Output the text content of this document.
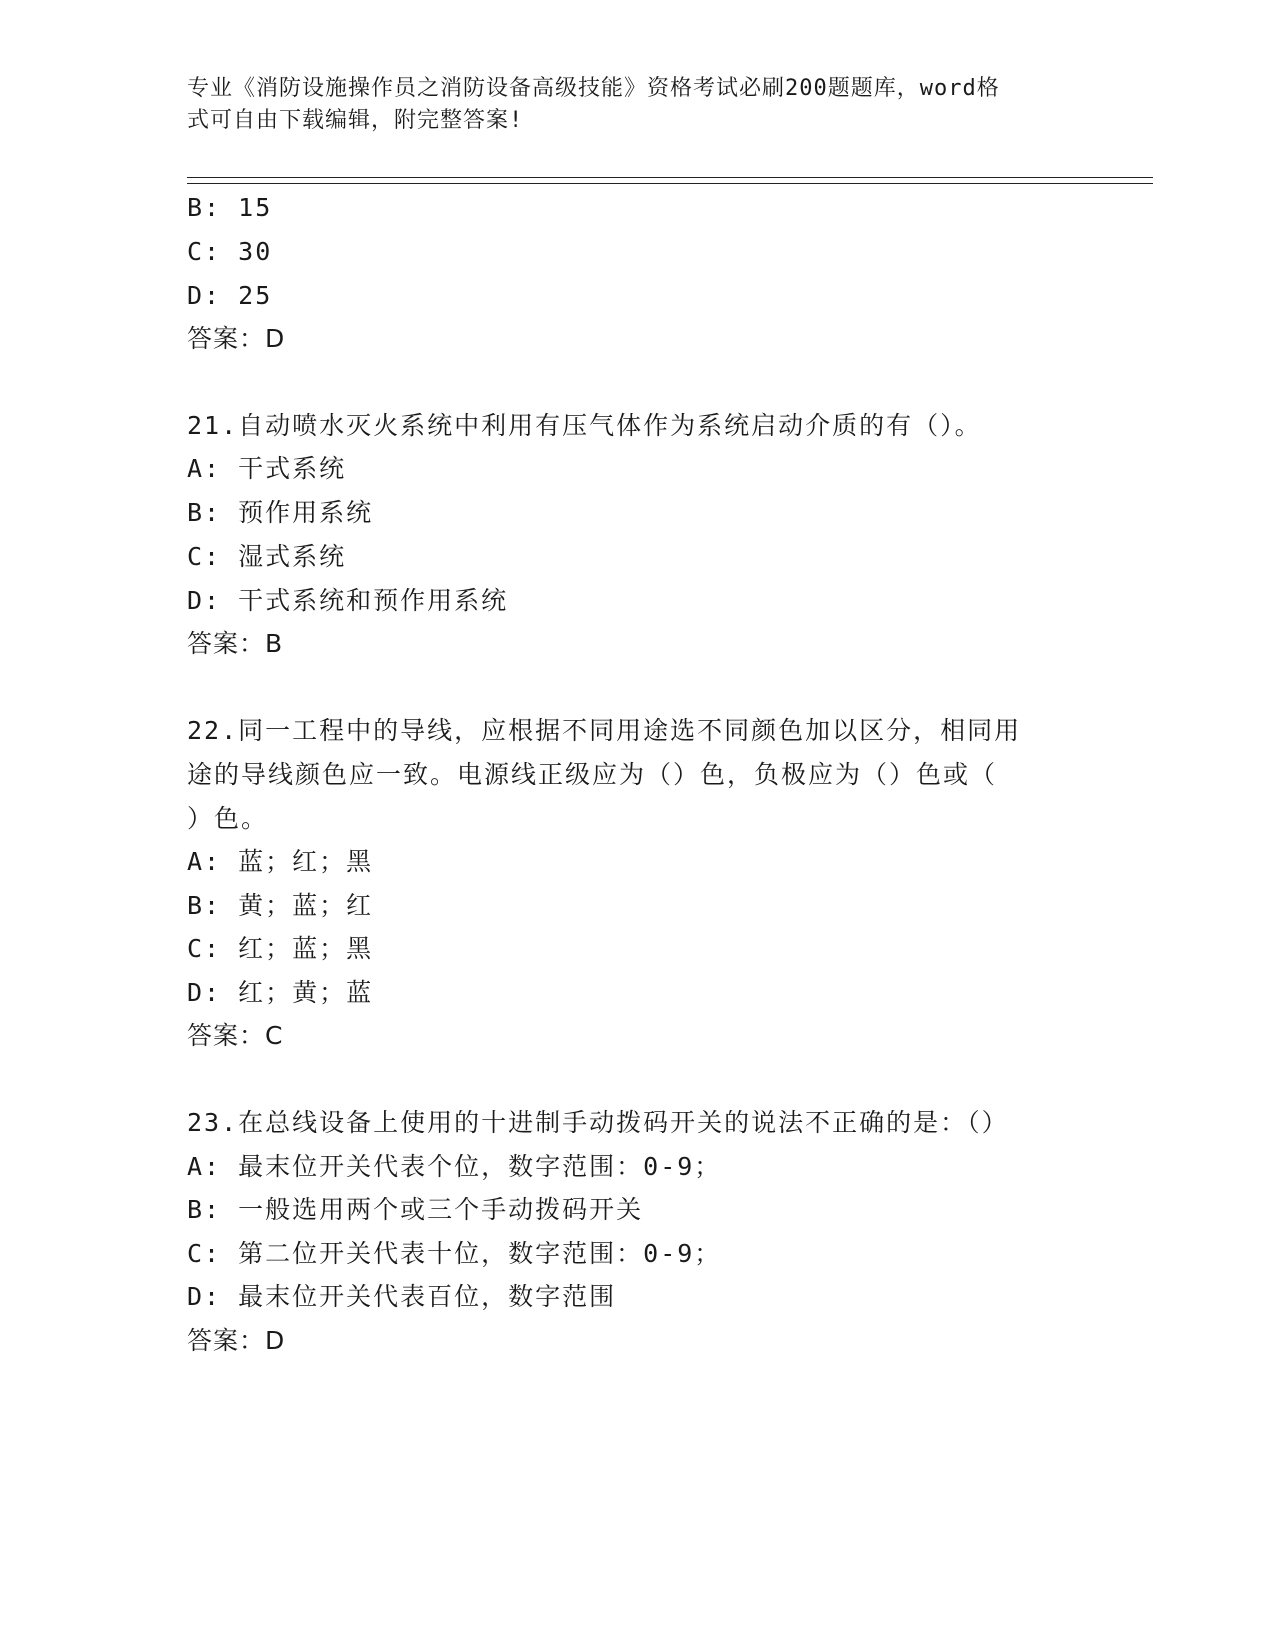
专业《消防设施操作员之消防设备高级技能》资格考试必刷200题题库，word格
式可自由下载编辑，附完整答案!
B: 15
C: 30
D: 25
答案：D
21.自动喷水灭火系统中利用有压气体作为系统启动介质的有（）。
A: 干式系统
B: 预作用系统
C: 湿式系统
D: 干式系统和预作用系统
答案：B
22.同一工程中的导线，应根据不同用途选不同颜色加以区分，相同用
途的导线颜色应一致。电源线正级应为（）色，负极应为（）色或（
）色。
A: 蓝；红；黑
B: 黄；蓝；红
C: 红；蓝；黑
D: 红；黄；蓝
答案：C
23.在总线设备上使用的十进制手动拨码开关的说法不正确的是：（）
A: 最末位开关代表个位，数字范围：0-9；
B: 一般选用两个或三个手动拨码开关
C: 第二位开关代表十位，数字范围：0-9；
D: 最末位开关代表百位，数字范围
答案：D
